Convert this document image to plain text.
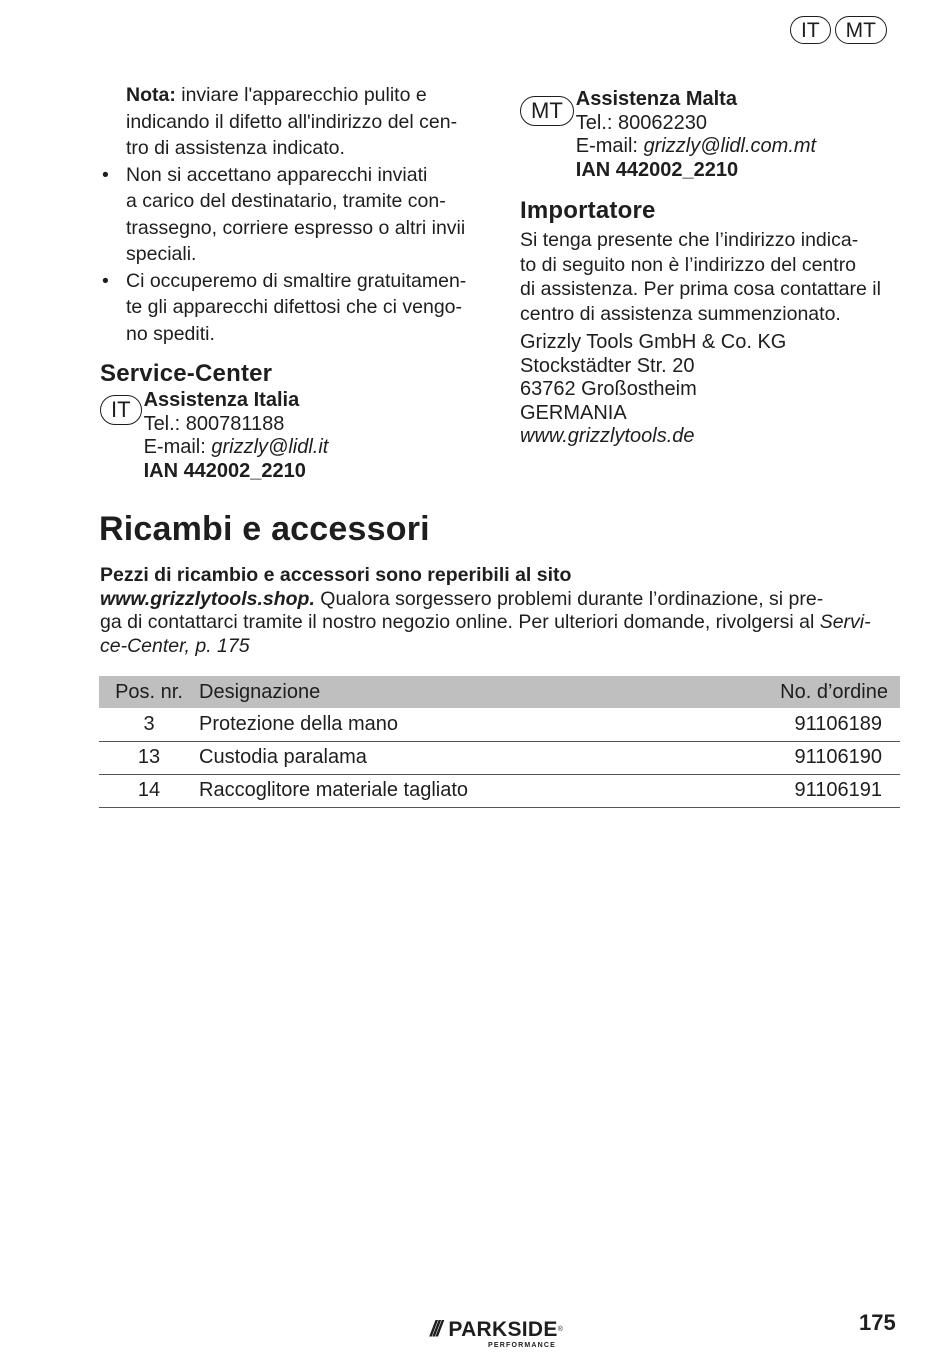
IT	MT
Nota: inviare l'apparecchio pulito e
indicando il difetto all'indirizzo del cen-
tro di assistenza indicato.
• Non si accettano apparecchi inviati
a carico del destinatario, tramite con-
trassegno, corriere espresso o altri invii
speciali.
• Ci occuperemo di smaltire gratuitamen-
te gli apparecchi difettosi che ci vengo-
no spediti.
Service-Center
IT Assistenza Italia
Tel.: 800781188
E-mail: grizzly@lidl.it
IAN 442002_2210
MT Assistenza Malta
Tel.: 80062230
E-mail: grizzly@lidl.com.mt
IAN 442002_2210
Importatore
Si tenga presente che l’indirizzo indica-
to di seguito non è l’indirizzo del centro
di assistenza. Per prima cosa contattare il
centro di assistenza summenzionato.
Grizzly Tools GmbH & Co. KG
Stockstädter Str. 20
63762 Großostheim
GERMANIA
www.grizzlytools.de
Ricambi e accessori
Pezzi di ricambio e accessori sono reperibili al sito
www.grizzlytools.shop. Qualora sorgessero problemi durante l’ordinazione, si pre-
ga di contattarci tramite il nostro negozio online. Per ulteriori domande, rivolgersi al Servi-
ce-Center, p. 175
Pos. nr.	Designazione	No. d’ordine
3	Protezione della mano	91106189
13	Custodia paralama	91106190
14	Raccoglitore materiale tagliato	91106191
/// PARKSIDE ®
PERFORMANCE
175
